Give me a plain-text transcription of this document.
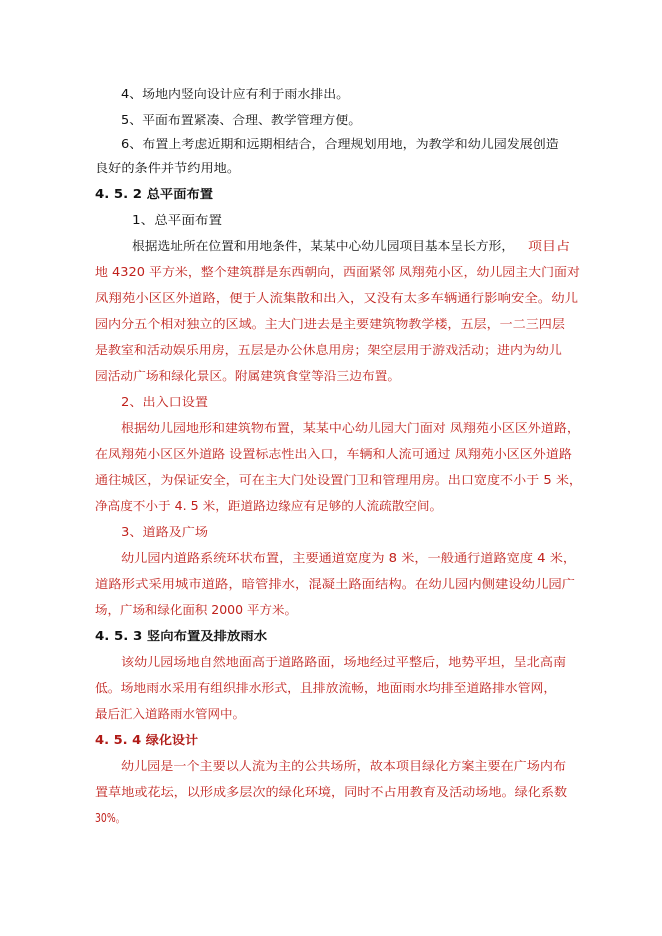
4、场地内竖向设计应有利于雨水排出。
5、平面布置紧凑、合理、教学管理方便。
6、布置上考虑近期和远期相结合，合理规划用地，为教学和幼儿园发展创造
良好的条件并节约用地。
4. 5. 2 总平面布置
1、总平面布置
根据选址所在位置和用地条件，某某中心幼儿园项目基本呈长方形， 项目占
地 4320 平方米，整个建筑群是东西朝向，西面紧邻 凤翔苑小区，幼儿园主大门面对
凤翔苑小区区外道路，便于人流集散和出入，又没有太多车辆通行影响安全。幼儿
园内分五个相对独立的区域。主大门进去是主要建筑物教学楼，五层，一二三四层
是教室和活动娱乐用房，五层是办公休息用房；架空层用于游戏活动；进内为幼儿
园活动广场和绿化景区。附属建筑食堂等沿三边布置。
2、出入口设置
根据幼儿园地形和建筑物布置，某某中心幼儿园大门面对 凤翔苑小区区外道路，
在凤翔苑小区区外道路 设置标志性出入口，车辆和人流可通过 凤翔苑小区区外道路
通往城区，为保证安全，可在主大门处设置门卫和管理用房。出口宽度不小于 5 米，
净高度不小于 4. 5 米，距道路边缘应有足够的人流疏散空间。
3、道路及广场
幼儿园内道路系统环状布置，主要通道宽度为 8 米，一般通行道路宽度 4 米，
道路形式采用城市道路，暗管排水，混凝土路面结构。在幼儿园内侧建设幼儿园广
场，广场和绿化面积 2000 平方米。
4. 5. 3 竖向布置及排放雨水
该幼儿园场地自然地面高于道路路面，场地经过平整后，地势平坦，呈北高南
低。场地雨水采用有组织排水形式，且排放流畅，地面雨水均排至道路排水管网，
最后汇入道路雨水管网中。
4. 5. 4 绿化设计
幼儿园是一个主要以人流为主的公共场所，故本项目绿化方案主要在广场内布
置草地或花坛，以形成多层次的绿化环境，同时不占用教育及活动场地。绿化系数
30%。
